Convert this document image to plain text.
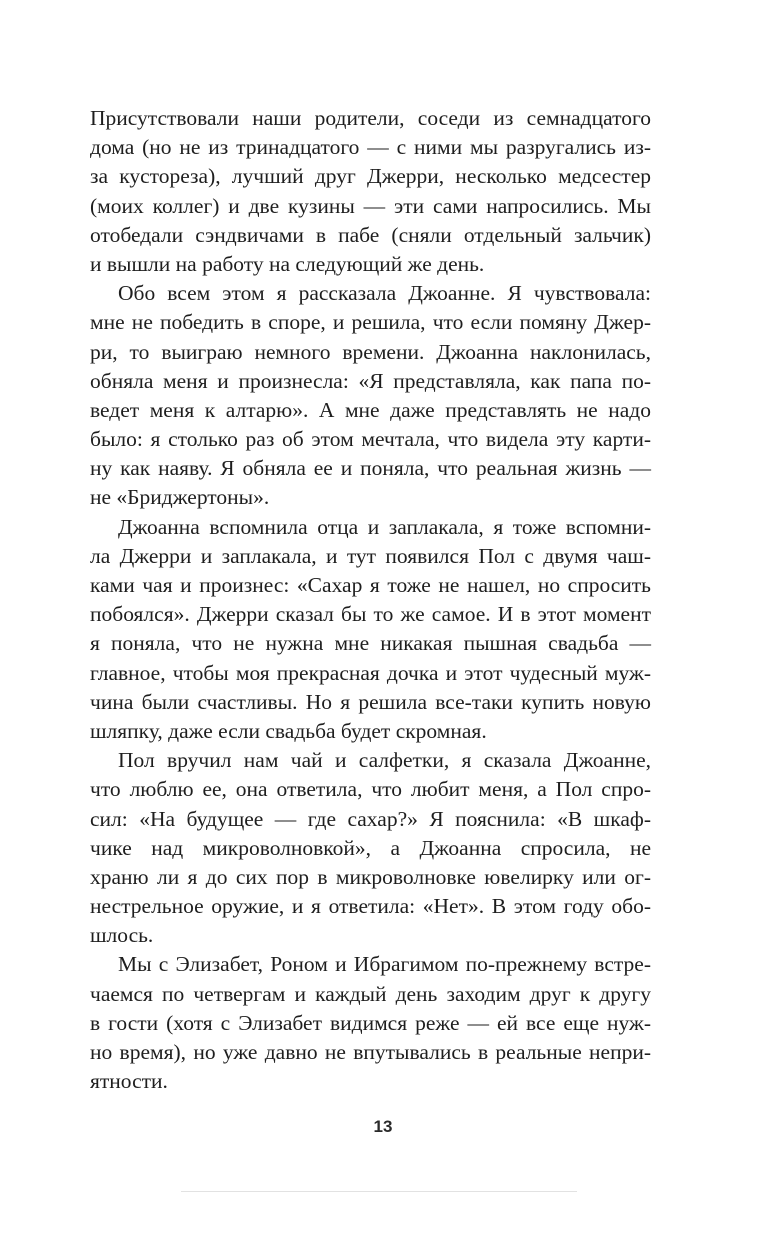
Присутствовали наши родители, соседи из семнадцатого
дома (но не из тринадцатого — с ними мы разругались из-
за кустореза), лучший друг Джерри, несколько медсестер
(моих коллег) и две кузины — эти сами напросились. Мы
отобедали сэндвичами в пабе (сняли отдельный зальчик)
и вышли на работу на следующий же день.
Обо всем этом я рассказала Джоанне. Я чувствовала:
мне не победить в споре, и решила, что если помяну Джер-
ри, то выиграю немного времени. Джоанна наклонилась,
обняла меня и произнесла: «Я представляла, как папа по-
ведет меня к алтарю». А мне даже представлять не надо
было: я столько раз об этом мечтала, что видела эту карти-
ну как наяву. Я обняла ее и поняла, что реальная жизнь —
не «Бриджертоны».
Джоанна вспомнила отца и заплакала, я тоже вспомни-
ла Джерри и заплакала, и тут появился Пол с двумя чаш-
ками чая и произнес: «Сахар я тоже не нашел, но спросить
побоялся». Джерри сказал бы то же самое. И в этот момент
я поняла, что не нужна мне никакая пышная свадьба —
главное, чтобы моя прекрасная дочка и этот чудесный муж-
чина были счастливы. Но я решила все-таки купить новую
шляпку, даже если свадьба будет скромная.
Пол вручил нам чай и салфетки, я сказала Джоанне,
что люблю ее, она ответила, что любит меня, а Пол спро-
сил: «На будущее — где сахар?» Я пояснила: «В шкаф-
чике над микроволновкой», а Джоанна спросила, не
храню ли я до сих пор в микроволновке ювелирку или ог-
нестрельное оружие, и я ответила: «Нет». В этом году обо-
шлось.
Мы с Элизабет, Роном и Ибрагимом по-прежнему встре-
чаемся по четвергам и каждый день заходим друг к другу
в гости (хотя с Элизабет видимся реже — ей все еще нуж-
но время), но уже давно не впутывались в реальные непри-
ятности.
13
